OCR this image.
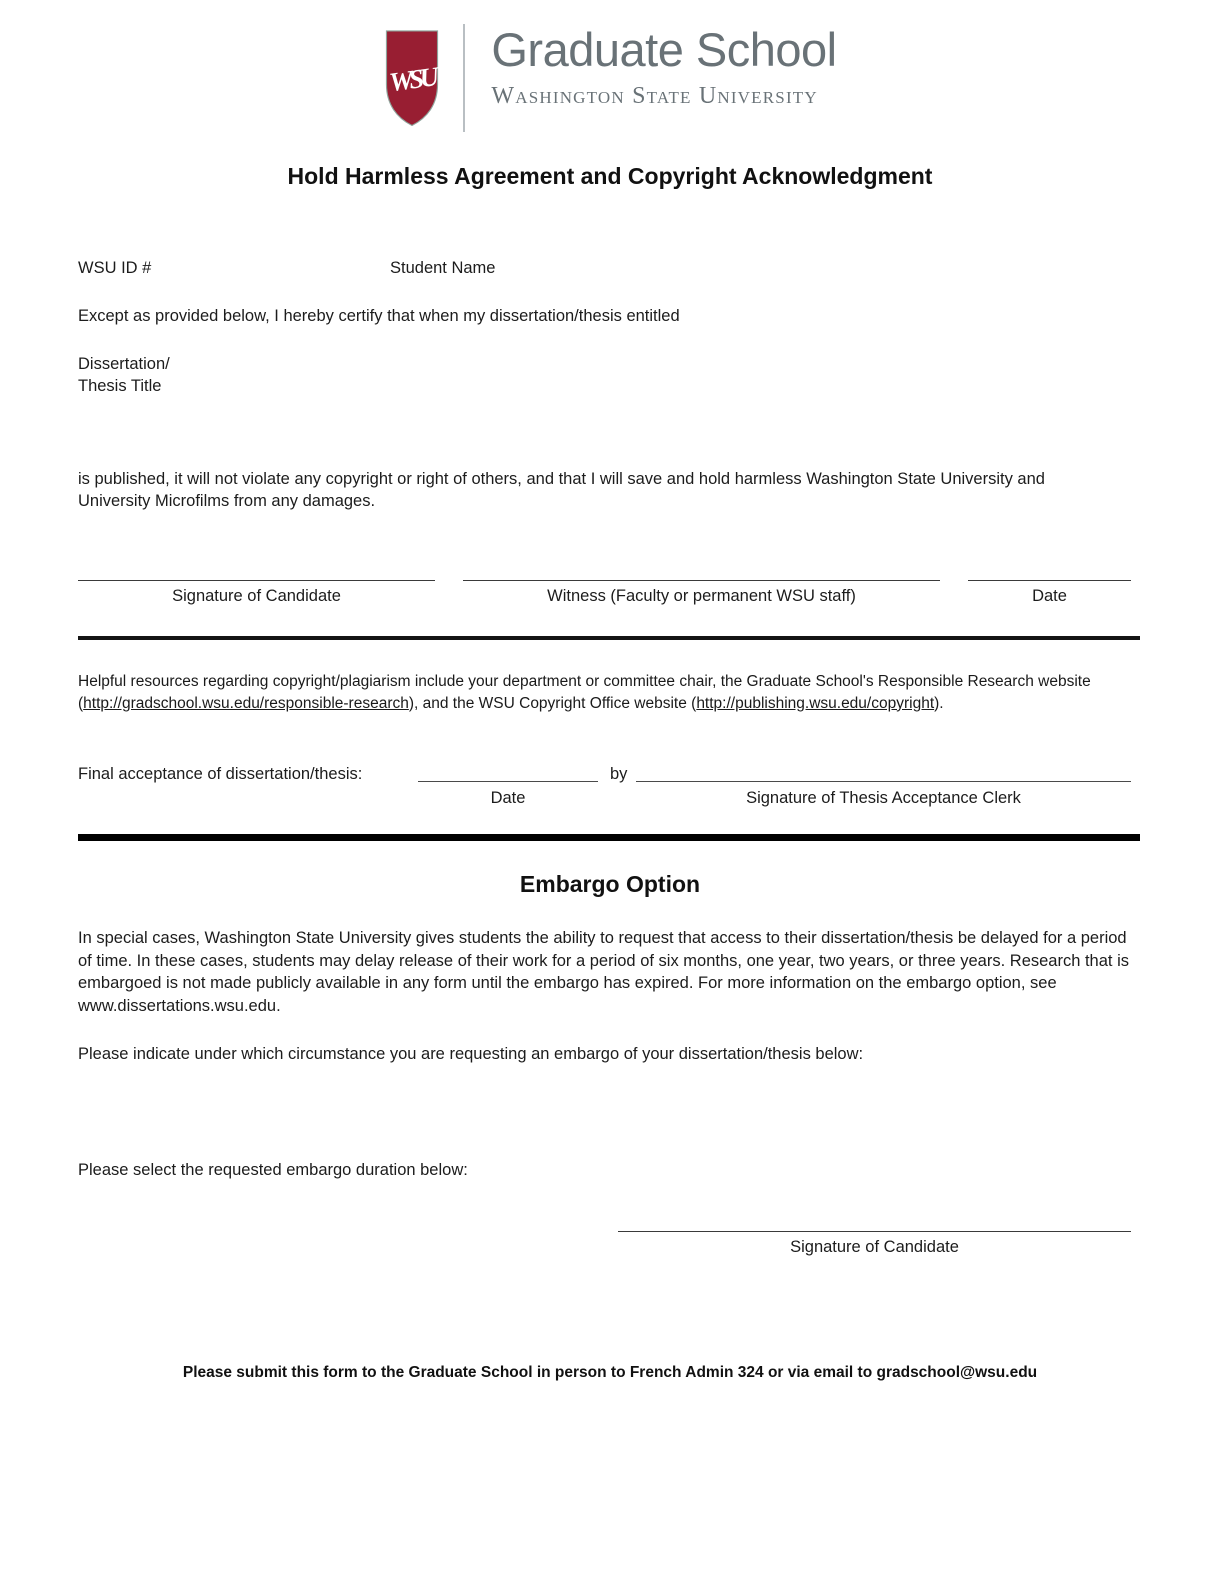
WSU
Graduate School
Washington State University
Hold Harmless Agreement and Copyright Acknowledgment
WSU ID #	Student Name
Except as provided below, I hereby certify that when my dissertation/thesis entitled
Dissertation/
Thesis Title
is published, it will not violate any copyright or right of others, and that I will save and hold harmless Washington State University and University Microfilms from any damages.
Signature of Candidate	Witness (Faculty or permanent WSU staff)	Date
Helpful resources regarding copyright/plagiarism include your department or committee chair, the Graduate School's Responsible Research website (http://gradschool.wsu.edu/responsible-research), and the WSU Copyright Office website (http://publishing.wsu.edu/copyright).
Final acceptance of dissertation/thesis:	by
Date	Signature of Thesis Acceptance Clerk
Embargo Option
In special cases, Washington State University gives students the ability to request that access to their dissertation/thesis be delayed for a period of time. In these cases, students may delay release of their work for a period of six months, one year, two years, or three years. Research that is embargoed is not made publicly available in any form until the embargo has expired. For more information on the embargo option, see www.dissertations.wsu.edu.
Please indicate under which circumstance you are requesting an embargo of your dissertation/thesis below:
Please select the requested embargo duration below:
Signature of Candidate
Please submit this form to the Graduate School in person to French Admin 324 or via email to gradschool@wsu.edu
